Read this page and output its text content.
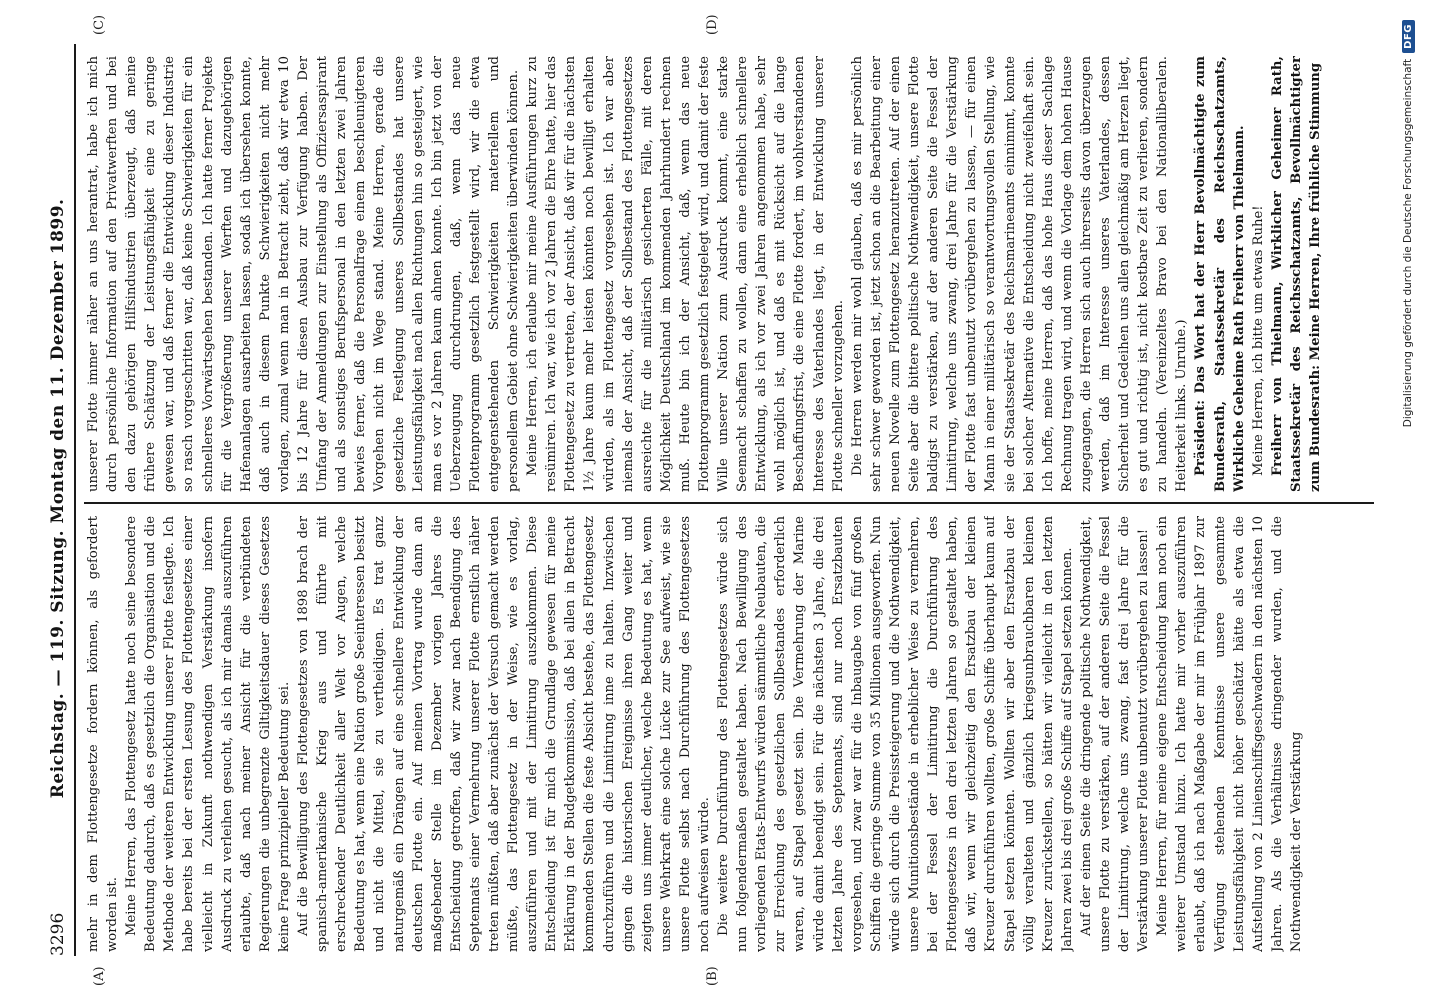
3296
Reichstag. — 119. Sitzung. Montag den 11. Dezember 1899.
(A)	(B)
(C)	(D)

mehr in dem Flottengesetze fordern können, als gefordert worden ist. Meine Herren, das Flottengesetz hatte noch seine besondere Bedeutung dadurch, daß es gesetzlich die Organisation und die Methode der weiteren Entwicklung unserer Flotte festlegte. Ich habe bereits bei der ersten Lesung des Flottengesetzes einer vielleicht in Zukunft nothwendigen Verstärkung insofern Ausdruck zu verleihen gesucht, als ich mir damals auszuführen erlaubte, daß nach meiner Ansicht für die verbündeten Regierungen die unbegrenzte Giltigkeitsdauer dieses Gesetzes keine Frage prinzipieller Bedeutung sei. Auf die Bewilligung des Flottengesetzes von 1898 brach der spanisch-amerikanische Krieg aus und führte mit erschreckender Deutlichkeit aller Welt vor Augen, welche Bedeutung es hat, wenn eine Nation große Seeinteressen besitzt und nicht die Mittel, sie zu vertheidigen. Es trat ganz naturgemäß ein Drängen auf eine schnellere Entwicklung der deutschen Flotte ein. Auf meinen Vortrag wurde dann an maßgebender Stelle im Dezember vorigen Jahres die Entscheidung getroffen, daß wir zwar nach Beendigung des Septennats einer Vermehrung unserer Flotte ernstlich näher treten müßten, daß aber zunächst der Versuch gemacht werden müßte, das Flottengesetz in der Weise, wie es vorlag, auszuführen und mit der Limitirung auszukommen. Diese Entscheidung ist für mich die Grundlage gewesen für meine Erklärung in der Budgetkommission, daß bei allen in Betracht kommenden Stellen die feste Absicht bestehe, das Flottengesetz durchzuführen und die Limitirung inne zu halten. Inzwischen gingen die historischen Ereignisse ihren Gang weiter und zeigten uns immer deutlicher, welche Bedeutung es hat, wenn unsere Wehrkraft eine solche Lücke zur See aufweist, wie sie unsere Flotte selbst nach Durchführung des Flottengesetzes noch aufweisen würde. Die weitere Durchführung des Flottengesetzes würde sich nun folgendermaßen gestaltet haben. Nach Bewilligung des vorliegenden Etats-Entwurfs würden sämmtliche Neubauten, die zur Erreichung des gesetzlichen Sollbestandes erforderlich waren, auf Stapel gesetzt sein. Die Vermehrung der Marine würde damit beendigt sein. Für die nächsten 3 Jahre, die drei letzten Jahre des Septennats, sind nur noch Ersatzbauten vorgesehen, und zwar war für die Inbaugabe von fünf großen Schiffen die geringe Summe von 35 Millionen ausgeworfen. Nun würde sich durch die Preissteigerung und die Nothwendigkeit, unsere Munitionsbestände in erheblicher Weise zu vermehren, bei der Fessel der Limitirung die Durchführung des Flottengesetzes in den drei letzten Jahren so gestaltet haben, daß wir, wenn wir gleichzeitig den Ersatzbau der kleinen Kreuzer durchführen wollten, große Schiffe überhaupt kaum auf Stapel setzen könnten. Wollten wir aber den Ersatzbau der völlig veralteten und gänzlich kriegsunbrauchbaren kleinen Kreuzer zurückstellen, so hätten wir vielleicht in den letzten Jahren zwei bis drei große Schiffe auf Stapel setzen können. Auf der einen Seite die dringende politische Nothwendigkeit, unsere Flotte zu verstärken, auf der anderen Seite die Fessel der Limitirung, welche uns zwang, fast drei Jahre für die Verstärkung unserer Flotte unbenutzt vorübergehen zu lassen! Meine Herren, für meine eigene Entscheidung kam noch ein weiterer Umstand hinzu. Ich hatte mir vorher auszuführen erlaubt, daß ich nach Maßgabe der mir im Frühjahr 1897 zur Verfügung stehenden Kenntnisse unsere gesammte Leistungsfähigkeit nicht höher geschätzt hätte als etwa die Aufstellung von 2 Linienschiffsgeschwadern in den nächsten 10 Jahren. Als die Verhältnisse dringender wurden, und die Nothwendigkeit der Verstärkung

unserer Flotte immer näher an uns herantrat, habe ich mich durch persönliche Information auf den Privatwerften und bei den dazu gehörigen Hilfsindustrien überzeugt, daß meine frühere Schätzung der Leistungsfähigkeit eine zu geringe gewesen war, und daß ferner die Entwicklung dieser Industrie so rasch vorgeschritten war, daß keine Schwierigkeiten für ein schnelleres Vorwärtsgehen bestanden. Ich hatte ferner Projekte für die Vergrößerung unserer Werften und dazugehörigen Hafenanlagen ausarbeiten lassen, sodaß ich übersehen konnte, daß auch in diesem Punkte Schwierigkeiten nicht mehr vorlagen, zumal wenn man in Betracht zieht, daß wir etwa 10 bis 12 Jahre für diesen Ausbau zur Verfügung haben. Der Umfang der Anmeldungen zur Einstellung als Offiziersaspirant und als sonstiges Berufspersonal in den letzten zwei Jahren bewies ferner, daß die Personalfrage einem beschleunigteren Vorgehen nicht im Wege stand. Meine Herren, gerade die gesetzliche Festlegung unseres Sollbestandes hat unsere Leistungsfähigkeit nach allen Richtungen hin so gesteigert, wie man es vor 2 Jahren kaum ahnen konnte. Ich bin jetzt von der Ueberzeugung durchdrungen, daß, wenn das neue Flottenprogramm gesetzlich festgestellt wird, wir die etwa entgegenstehenden Schwierigkeiten materiellem und personellem Gebiet ohne Schwierigkeiten überwinden können. Meine Herren, ich erlaube mir meine Ausführungen kurz zu resümiren. Ich war, wie ich vor 2 Jahren die Ehre hatte, hier das Flottengesetz zu vertreten, der Ansicht, daß wir für die nächsten 1½ Jahre kaum mehr leisten könnten noch bewilligt erhalten würden, als im Flottengesetz vorgesehen ist. Ich war aber niemals der Ansicht, daß der Sollbestand des Flottengesetzes ausreichte für die militärisch gesicherten Fälle, mit deren Möglichkeit Deutschland im kommenden Jahrhundert rechnen muß. Heute bin ich der Ansicht, daß, wenn das neue Flottenprogramm gesetzlich festgelegt wird, und damit der feste Wille unserer Nation zum Ausdruck kommt, eine starke Seemacht schaffen zu wollen, dann eine erheblich schnellere Entwicklung, als ich vor zwei Jahren angenommen habe, sehr wohl möglich ist, und daß es mit Rücksicht auf die lange Beschaffungsfrist, die eine Flotte fordert, im wohlverstandenen Interesse des Vaterlandes liegt, in der Entwicklung unserer Flotte schneller vorzugehen. Die Herren werden mir wohl glauben, daß es mir persönlich sehr schwer geworden ist, jetzt schon an die Bearbeitung einer neuen Novelle zum Flottengesetz heranzutreten. Auf der einen Seite aber die bittere politische Nothwendigkeit, unsere Flotte baldigst zu verstärken, auf der anderen Seite die Fessel der Limitirung, welche uns zwang, drei Jahre für die Verstärkung der Flotte fast unbenutzt vorübergehen zu lassen, — für einen Mann in einer militärisch so verantwortungsvollen Stellung, wie sie der Staatssekretär des Reichsmarineamts einnimmt, konnte bei solcher Alternative die Entscheidung nicht zweifelhaft sein. Ich hoffe, meine Herren, daß das hohe Haus dieser Sachlage Rechnung tragen wird, und wenn die Vorlage dem hohen Hause zugegangen, die Herren sich auch ihrerseits davon überzeugen werden, daß im Interesse unseres Vaterlandes, dessen Sicherheit und Gedeihen uns allen gleichmäßig am Herzen liegt, es gut und richtig ist, nicht kostbare Zeit zu verlieren, sondern zu handeln. (Vereinzeltes Bravo bei den Nationalliberalen. Heiterkeit links. Unruhe.) Präsident: Das Wort hat der Herr Bevollmächtigte zum Bundesrath, Staatssekretär des Reichsschatzamts, Wirkliche Geheime Rath Freiherr von Thielmann. Meine Herren, ich bitte um etwas Ruhe! Freiherr von Thielmann, Wirklicher Geheimer Rath, Staatssekretär des Reichsschatzamts, Bevollmächtigter zum Bundesrath: Meine Herren, Ihre frühliche Stimmung	Digitalisierung gefördert durch die Deutsche Forschungsgemeinschaft
DFG
